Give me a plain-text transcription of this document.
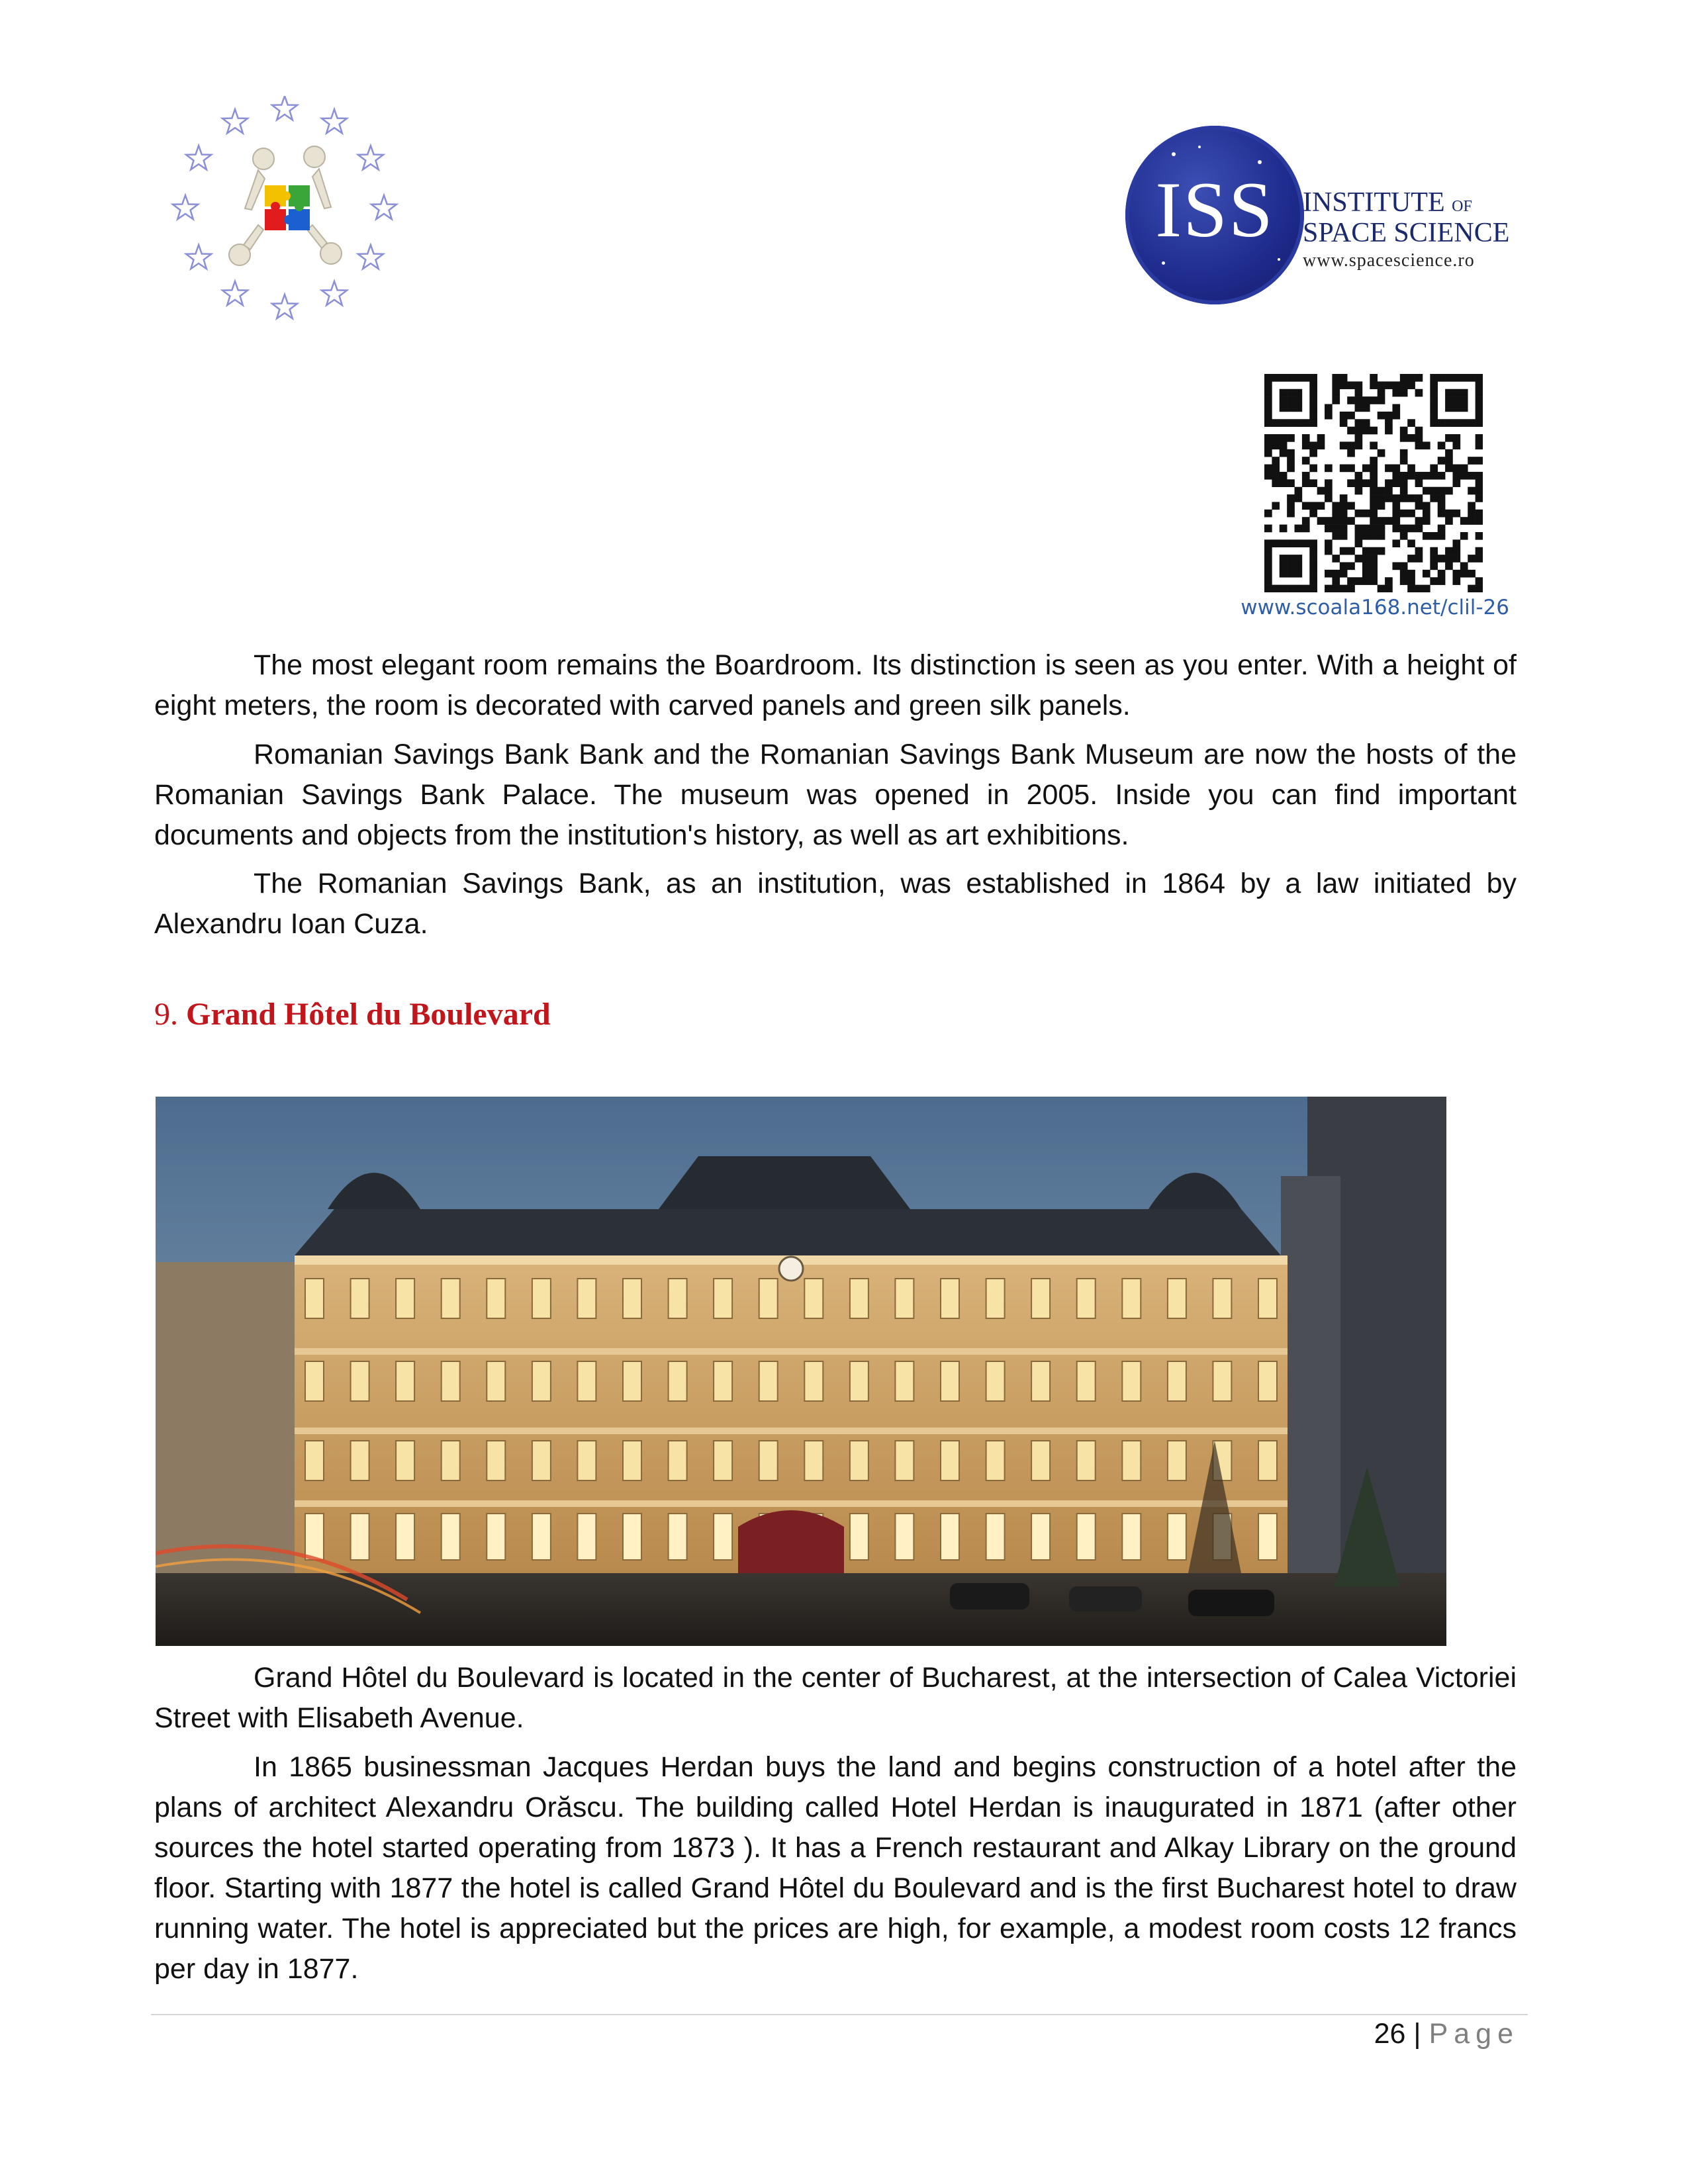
ISS	INSTITUTE OF
SPACE SCIENCE
www.spacescience.ro
www.scoala168.net/clil-26

The most elegant room remains the Boardroom. Its distinction is seen as you enter. With a height of eight meters, the room is decorated with carved panels and green silk panels.

Romanian Savings Bank Bank and the Romanian Savings Bank Museum are now the hosts of the Romanian Savings Bank Palace. The museum was opened in 2005. Inside you can find important documents and objects from the institution's history, as well as art exhibitions.

The Romanian Savings Bank, as an institution, was established in 1864 by a law initiated by Alexandru Ioan Cuza.

9. Grand Hôtel du Boulevard

Grand Hôtel du Boulevard is located in the center of Bucharest, at the intersection of Calea Victoriei Street with Elisabeth Avenue.

In 1865 businessman Jacques Herdan buys the land and begins construction of a hotel after the plans of architect Alexandru Orăscu. The building called Hotel Herdan is inaugurated in 1871 (after other sources the hotel started operating from 1873 ). It has a French restaurant and Alkay Library on the ground floor. Starting with 1877 the hotel is called Grand Hôtel du Boulevard and is the first Bucharest hotel to draw running water. The hotel is appreciated but the prices are high, for example, a modest room costs 12 francs per day in 1877.

26 | Page
